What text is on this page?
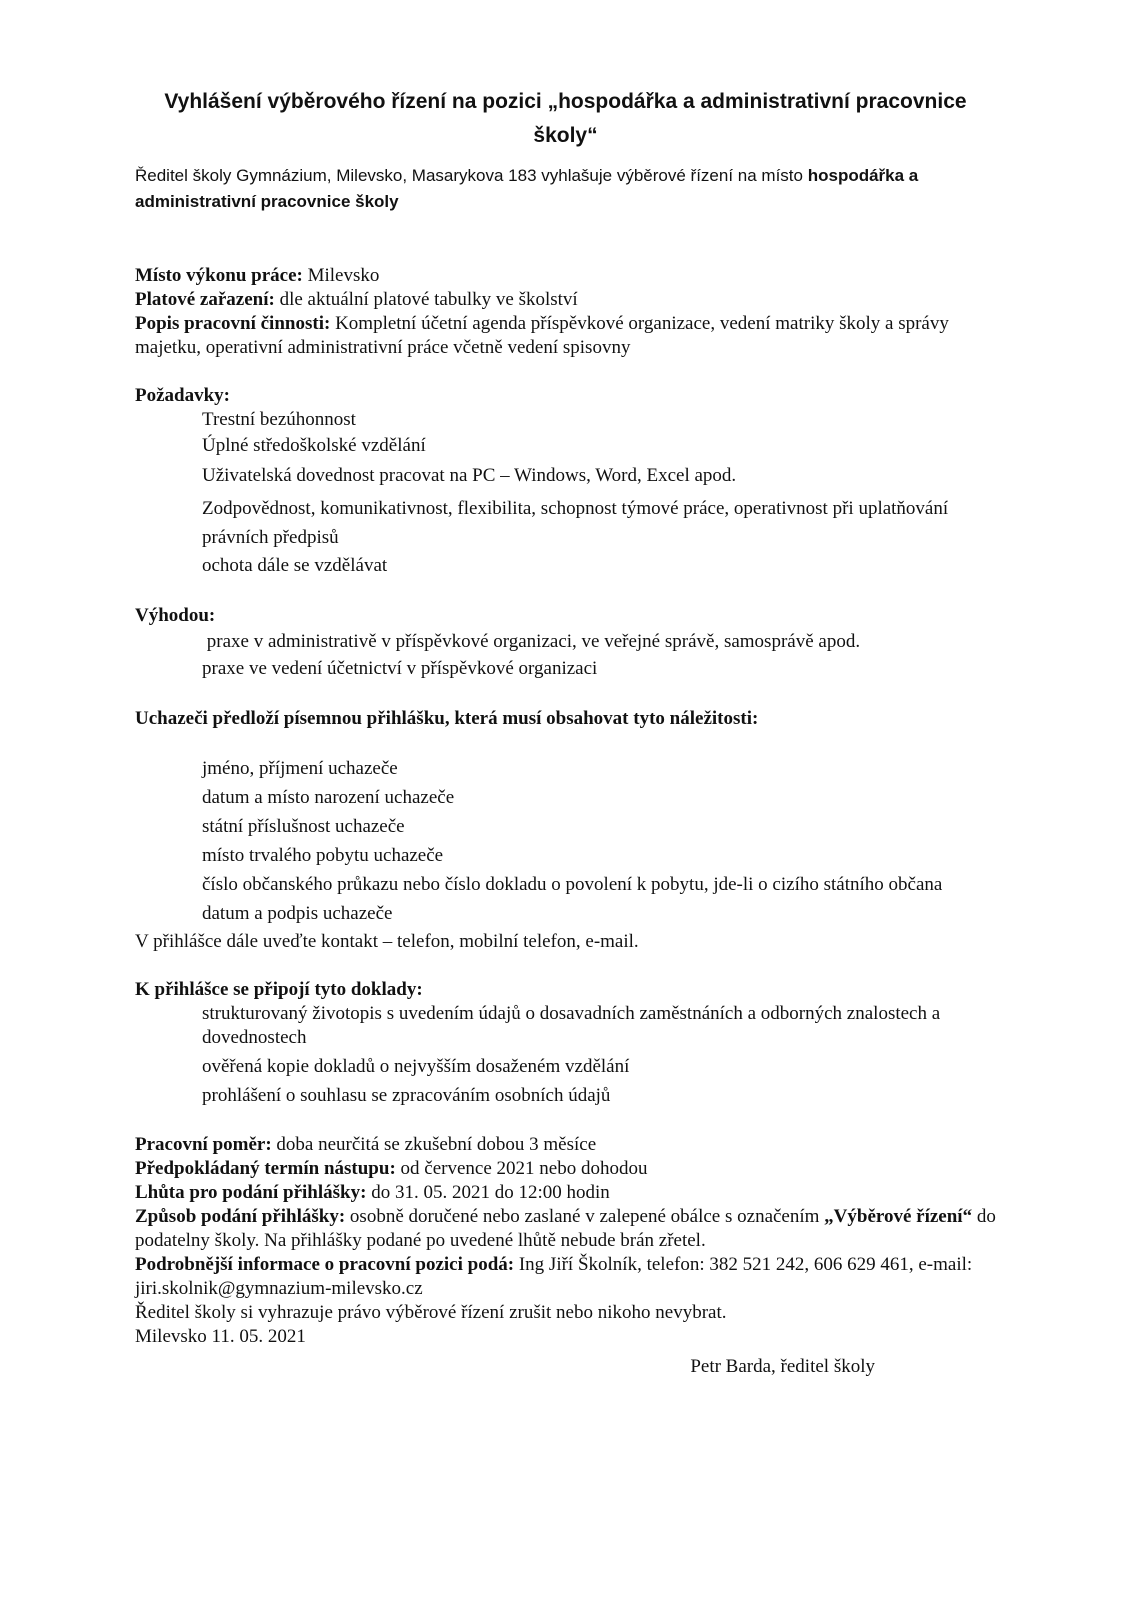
Vyhlášení výběrového řízení na pozici „hospodářka a administrativní pracovnice školy“
Ředitel školy Gymnázium, Milevsko, Masarykova 183 vyhlašuje výběrové řízení na místo hospodářka a administrativní pracovnice školy
Místo výkonu práce: Milevsko
Platové zařazení: dle aktuální platové tabulky ve školství
Popis pracovní činnosti: Kompletní účetní agenda příspěvkové organizace, vedení matriky školy a správy majetku, operativní administrativní práce včetně vedení spisovny
Požadavky:
Trestní bezúhonnost
Úplné středoškolské vzdělání
Uživatelská dovednost pracovat na PC – Windows, Word, Excel apod.
Zodpovědnost, komunikativnost, flexibilita, schopnost týmové práce, operativnost při uplatňování právních předpisů
ochota dále se vzdělávat
Výhodou:
praxe v administrativě v příspěvkové organizaci, ve veřejné správě, samosprávě apod.
praxe ve vedení účetnictví v příspěvkové organizaci
Uchazeči předloží písemnou přihlášku, která musí obsahovat tyto náležitosti:
jméno, příjmení uchazeče
datum a místo narození uchazeče
státní příslušnost uchazeče
místo trvalého pobytu uchazeče
číslo občanského průkazu nebo číslo dokladu o povolení k pobytu, jde-li o cizího státního občana
datum a podpis uchazeče
V přihlášce dále uveďte kontakt – telefon, mobilní telefon, e-mail.
K přihlášce se připojí tyto doklady:
strukturovaný životopis s uvedením údajů o dosavadních zaměstnáních a odborných znalostech a dovednostech
ověřená kopie dokladů o nejvyšším dosaženém vzdělání
prohlášení o souhlasu se zpracováním osobních údajů
Pracovní poměr: doba neurčitá se zkušební dobou 3 měsíce
Předpokládaný termín nástupu: od července 2021 nebo dohodou
Lhůta pro podání přihlášky: do 31. 05. 2021 do 12:00 hodin
Způsob podání přihlášky: osobně doručené nebo zaslané v zalepené obálce s označením „Výběrové řízení“ do podatelny školy. Na přihlášky podané po uvedené lhůtě nebude brán zřetel.
Podrobnější informace o pracovní pozici podá: Ing Jiří Školník, telefon: 382 521 242, 606 629 461, e-mail: jiri.skolnik@gymnazium-milevsko.cz
Ředitel školy si vyhrazuje právo výběrové řízení zrušit nebo nikoho nevybrat.
Milevsko 11. 05. 2021
Petr Barda, ředitel školy
